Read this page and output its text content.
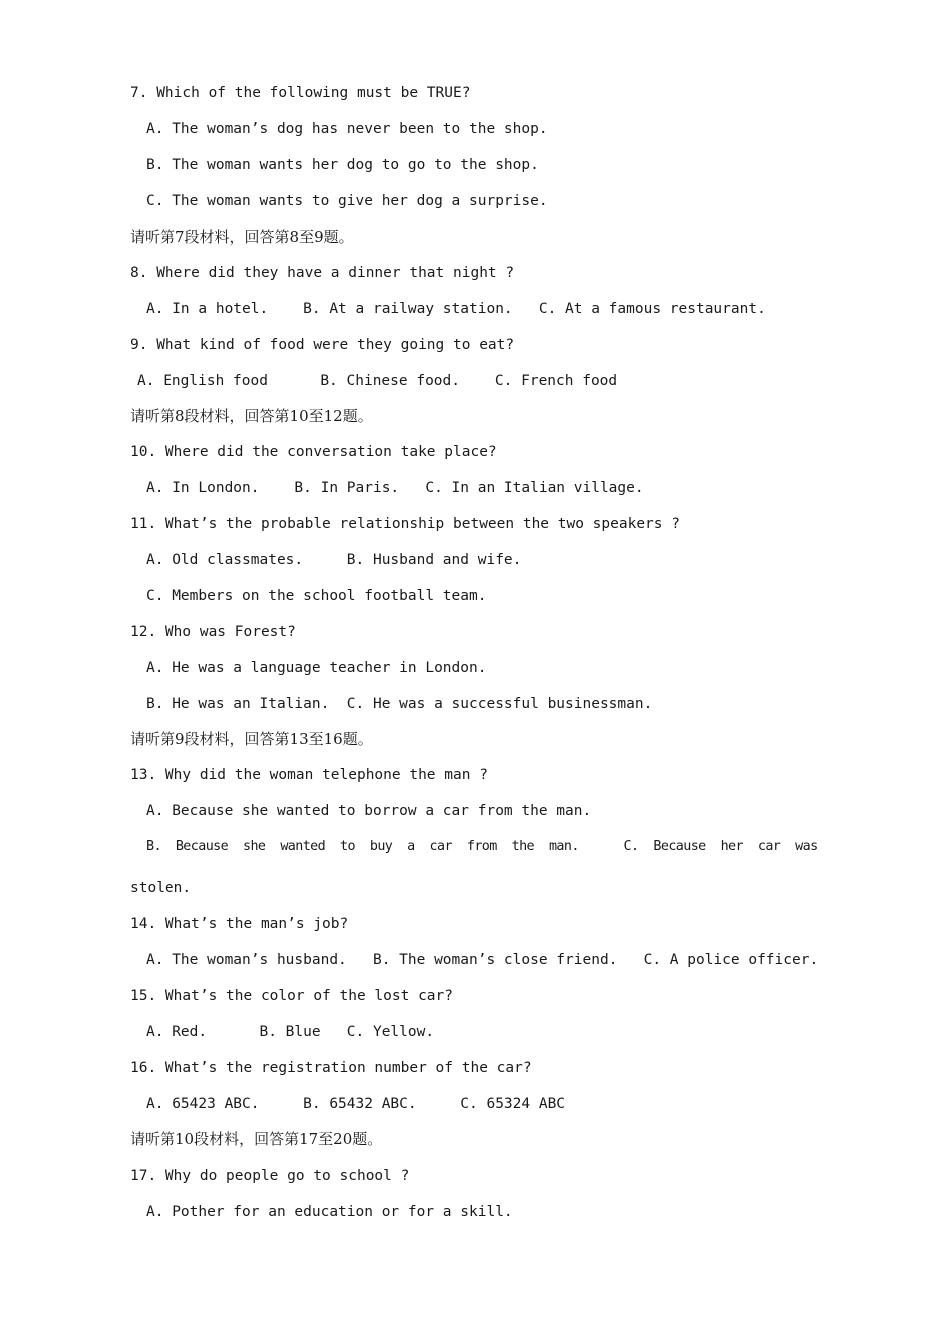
7. Which of the following must be TRUE?
A. The woman’s dog has never been to the shop.
B. The woman wants her dog to go to the shop.
C. The woman wants to give her dog a surprise.
请听第7段材料，回答第8至9题。
8. Where did they have a dinner that night ?
A. In a hotel.    B. At a railway station.   C. At a famous restaurant.
9. What kind of food were they going to eat?
A. English food      B. Chinese food.    C. French food
请听第8段材料，回答第10至12题。
10. Where did the conversation take place?
A. In London.    B. In Paris.   C. In an Italian village.
11. What’s the probable relationship between the two speakers ?
A. Old classmates.     B. Husband and wife.
C. Members on the school football team.
12. Who was Forest?
A. He was a language teacher in London.
B. He was an Italian.  C. He was a successful businessman.
请听第9段材料，回答第13至16题。
13. Why did the woman telephone the man ?
A. Because she wanted to borrow a car from the man.
B.  Because  she  wanted  to  buy  a  car  from  the  man.      C.  Because  her  car  was
stolen.
14. What’s the man’s job?
A. The woman’s husband.   B. The woman’s close friend.   C. A police officer.
15. What’s the color of the lost car?
A. Red.      B. Blue   C. Yellow.
16. What’s the registration number of the car?
A. 65423 ABC.     B. 65432 ABC.     C. 65324 ABC
请听第10段材料，回答第17至20题。
17. Why do people go to school ?
A. Pother for an education or for a skill.
